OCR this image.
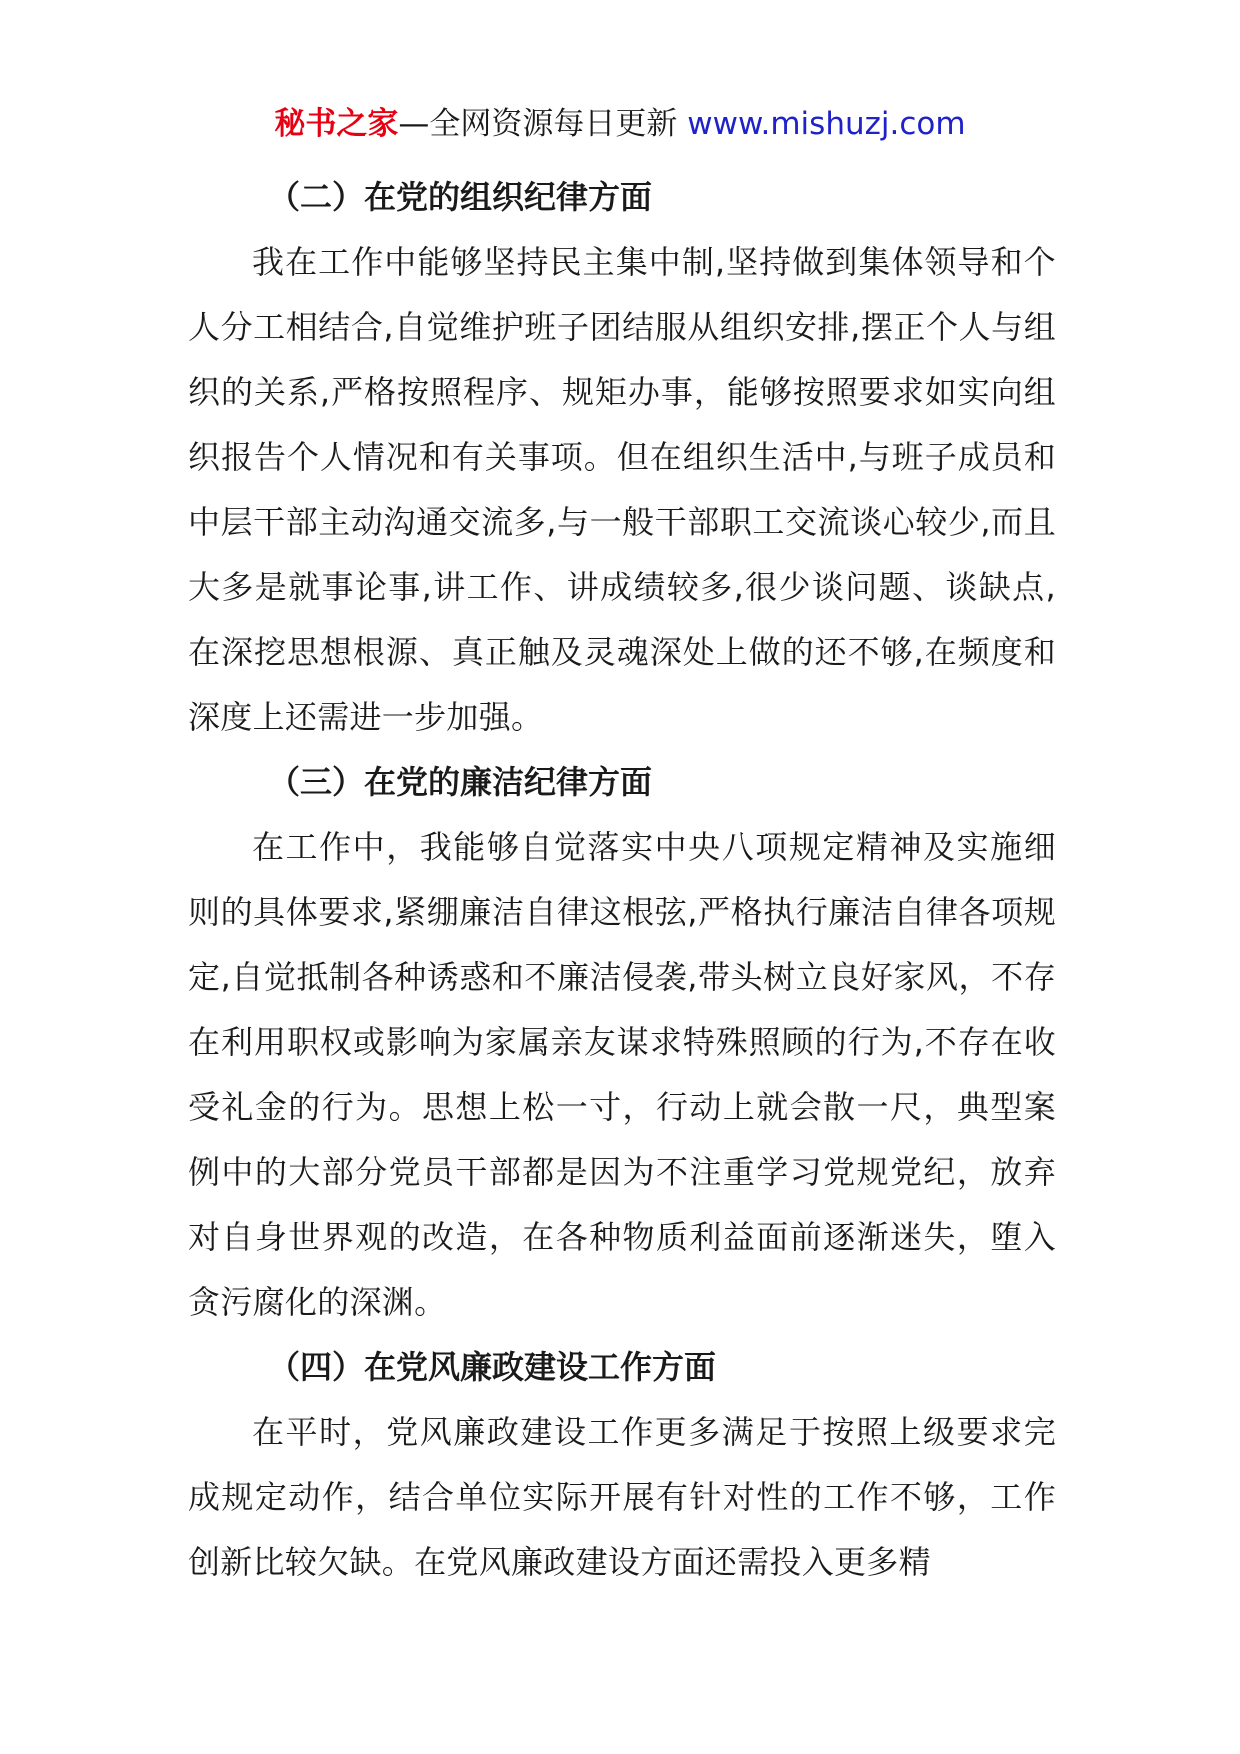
秘书之家—全网资源每日更新 www.mishuzj.com
（二）在党的组织纪律方面

我在工作中能够坚持民主集中制,坚持做到集体领导和个人分工相结合,自觉维护班子团结服从组织安排,摆正个人与组织的关系,严格按照程序、规矩办事，能够按照要求如实向组织报告个人情况和有关事项。但在组织生活中,与班子成员和中层干部主动沟通交流多,与一般干部职工交流谈心较少,而且大多是就事论事,讲工作、讲成绩较多,很少谈问题、谈缺点,在深挖思想根源、真正触及灵魂深处上做的还不够,在频度和深度上还需进一步加强。

（三）在党的廉洁纪律方面

在工作中，我能够自觉落实中央八项规定精神及实施细则的具体要求,紧绷廉洁自律这根弦,严格执行廉洁自律各项规定,自觉抵制各种诱惑和不廉洁侵袭,带头树立良好家风，不存在利用职权或影响为家属亲友谋求特殊照顾的行为,不存在收受礼金的行为。思想上松一寸，行动上就会散一尺，典型案例中的大部分党员干部都是因为不注重学习党规党纪，放弃对自身世界观的改造，在各种物质利益面前逐渐迷失，堕入贪污腐化的深渊。

（四）在党风廉政建设工作方面

在平时，党风廉政建设工作更多满足于按照上级要求完成规定动作，结合单位实际开展有针对性的工作不够，工作创新比较欠缺。在党风廉政建设方面还需投入更多精
